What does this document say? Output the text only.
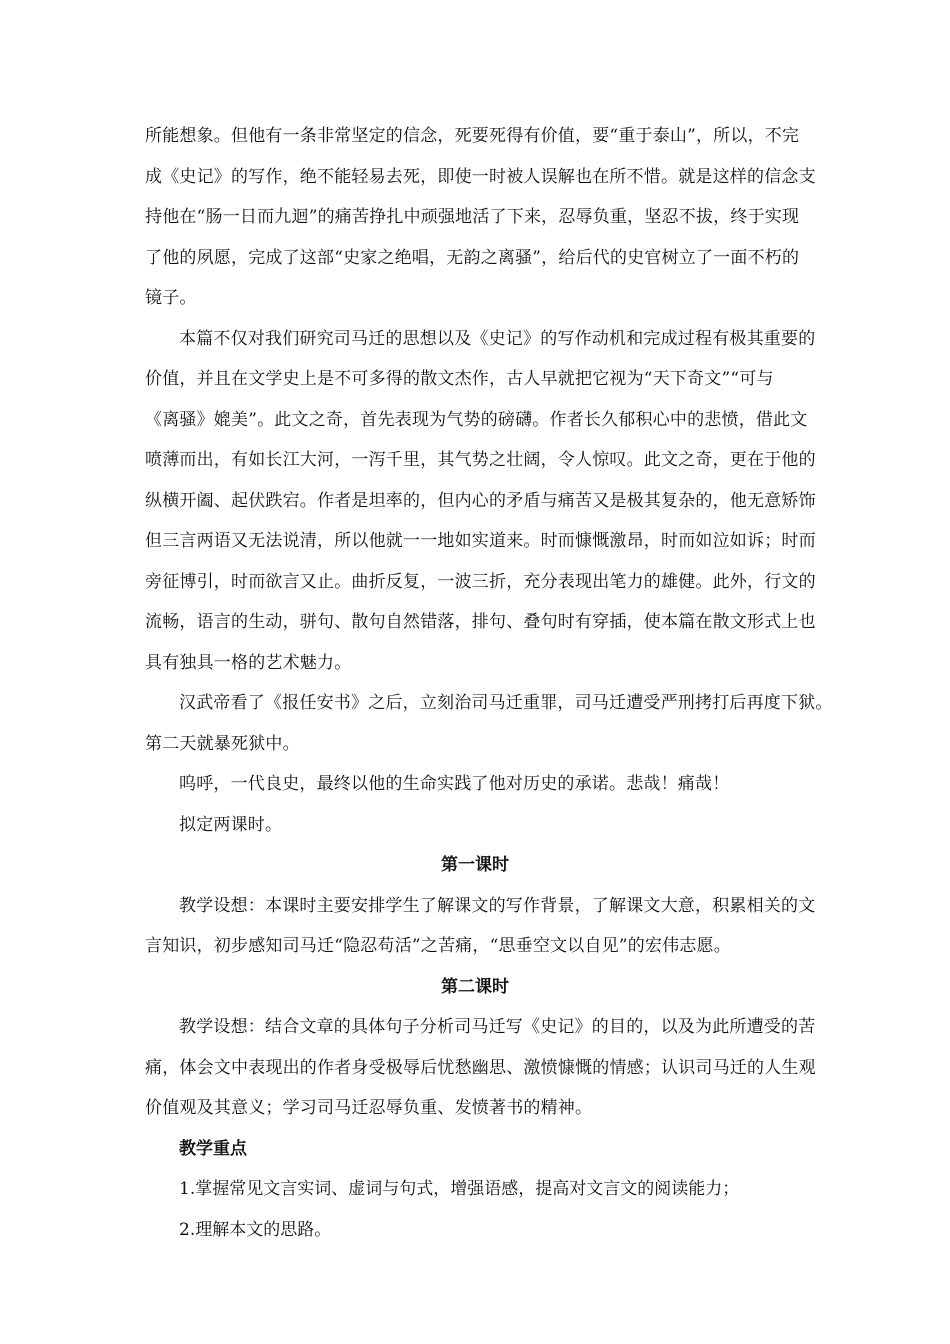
所能想象。但他有一条非常坚定的信念，死要死得有价值，要“重于泰山”，所以，不完
成《史记》的写作，绝不能轻易去死，即使一时被人误解也在所不惜。就是这样的信念支
持他在“肠一日而九迴”的痛苦挣扎中顽强地活了下来，忍辱负重，坚忍不拔，终于实现
了他的夙愿，完成了这部“史家之绝唱，无韵之离骚”，给后代的史官树立了一面不朽的
镜子。

本篇不仅对我们研究司马迁的思想以及《史记》的写作动机和完成过程有极其重要的
价值，并且在文学史上是不可多得的散文杰作，古人早就把它视为“天下奇文”“可与
《离骚》媲美”。此文之奇，首先表现为气势的磅礴。作者长久郁积心中的悲愤，借此文
喷薄而出，有如长江大河，一泻千里，其气势之壮阔，令人惊叹。此文之奇，更在于他的
纵横开阖、起伏跌宕。作者是坦率的，但内心的矛盾与痛苦又是极其复杂的，他无意矫饰
但三言两语又无法说清，所以他就一一地如实道来。时而慷慨激昂，时而如泣如诉；时而
旁征博引，时而欲言又止。曲折反复，一波三折，充分表现出笔力的雄健。此外，行文的
流畅，语言的生动，骈句、散句自然错落，排句、叠句时有穿插，使本篇在散文形式上也
具有独具一格的艺术魅力。

汉武帝看了《报任安书》之后，立刻治司马迁重罪，司马迁遭受严刑拷打后再度下狱。
第二天就暴死狱中。

呜呼，一代良史，最终以他的生命实践了他对历史的承诺。悲哉！痛哉！

拟定两课时。

第一课时

教学设想：本课时主要安排学生了解课文的写作背景，了解课文大意，积累相关的文
言知识，初步感知司马迁“隐忍苟活”之苦痛，“思垂空文以自见”的宏伟志愿。

第二课时

教学设想：结合文章的具体句子分析司马迁写《史记》的目的，以及为此所遭受的苦
痛，体会文中表现出的作者身受极辱后忧愁幽思、激愤慷慨的情感；认识司马迁的人生观
价值观及其意义；学习司马迁忍辱负重、发愤著书的精神。

教学重点

1.掌握常见文言实词、虚词与句式，增强语感，提高对文言文的阅读能力；

2.理解本文的思路。
